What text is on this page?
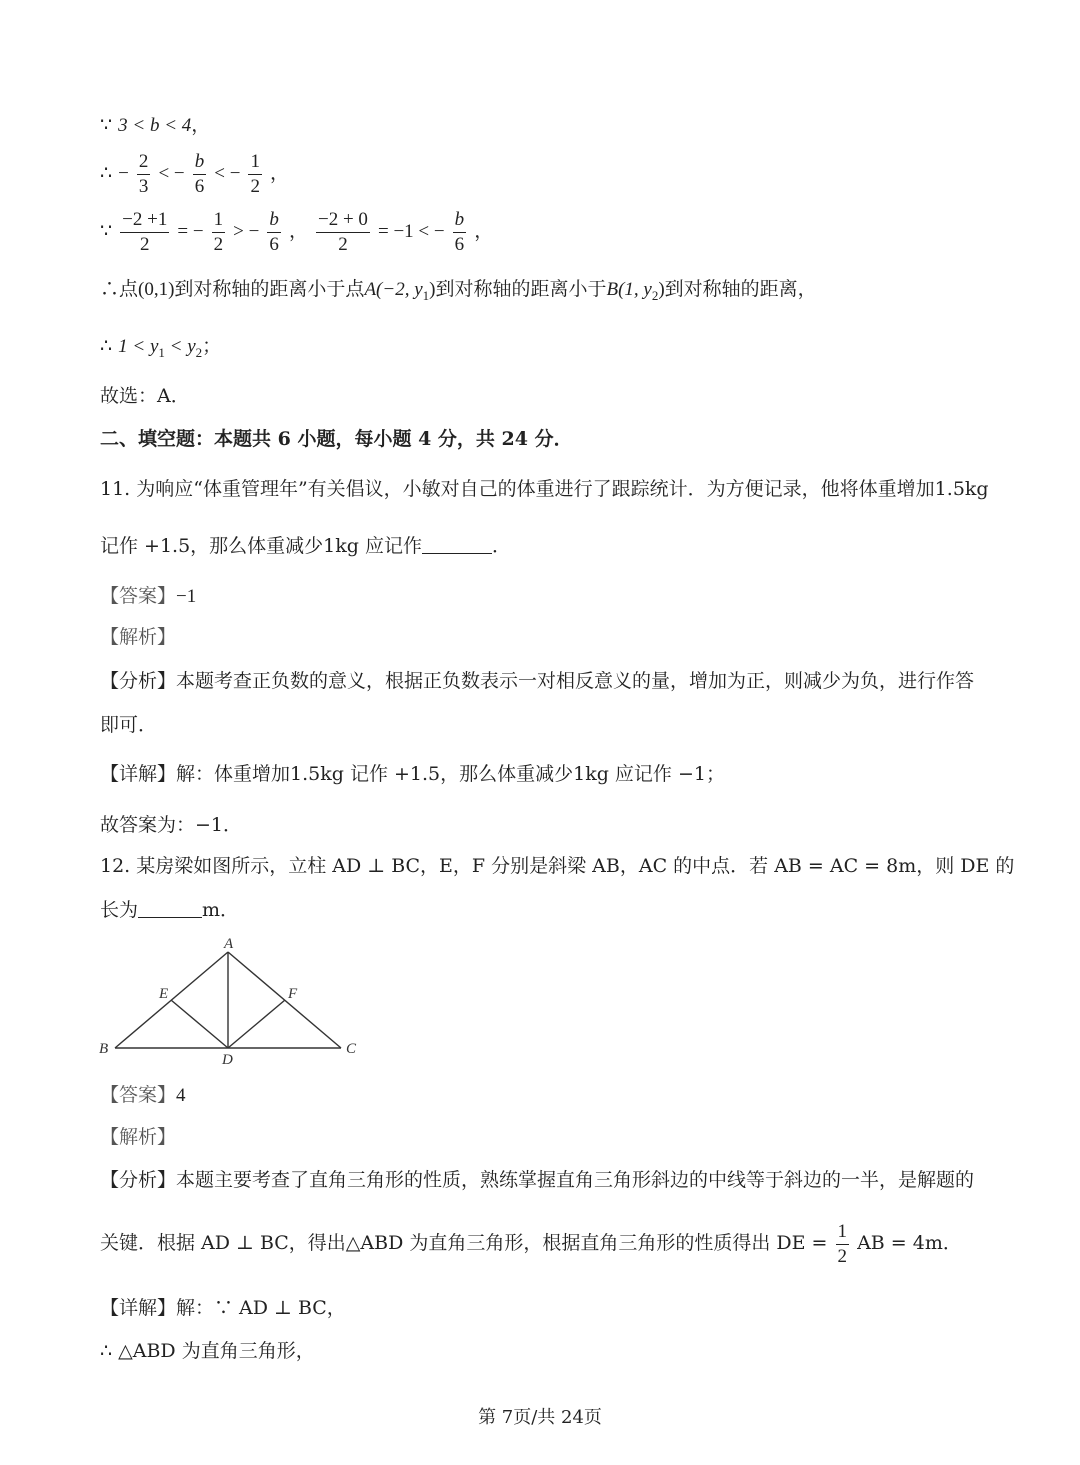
∵ 3 < b < 4，
∴ − $\frac{2}{3}$ < − $\frac{b}{6}$ < − $\frac{1}{2}$ ，
∵ $\frac{-2 +1}{2}$ = − $\frac{1}{2}$ > − $\frac{b}{6}$ ， $\frac{-2 + 0}{2} = -1$ < − $\frac{b}{6}$ ，
∴点(0,1)到对称轴的距离小于点A(−2, $y_1$)到对称轴的距离小于B(1, $y_2$)到对称轴的距离，
∴ $1 < y_1 < y_2$；
故选：A．
二、填空题：本题共 6 小题，每小题 4 分，共 24 分．
11. 为响应“体重管理年”有关倡议，小敏对自己的体重进行了跟踪统计．为方便记录，他将体重增加1.5kg
记作 +1.5，那么体重减少1kg 应记作	．
【答案】−1
【解析】
【分析】本题考查正负数的意义，根据正负数表示一对相反意义的量，增加为正，则减少为负，进行作答
即可．
【详解】解：体重增加1.5kg 记作 +1.5，那么体重减少1kg 应记作 −1；
故答案为：−1．
12. 某房梁如图所示，立柱 AD ⊥ BC，E，F 分别是斜梁 AB，AC 的中点．若 AB = AC = 8m，则 DE 的
长为	m．
A
B	C
D
E	F
【答案】4
【解析】
【分析】本题主要考查了直角三角形的性质，熟练掌握直角三角形斜边的中线等于斜边的一半，是解题的
关键．根据 AD ⊥ BC，得出△ABD 为直角三角形，根据直角三角形的性质得出 DE = $\frac{1}{2}$ AB = 4m．
【详解】解：∵ AD ⊥ BC，
∴ △ABD 为直角三角形，
第 7页/共 24页
